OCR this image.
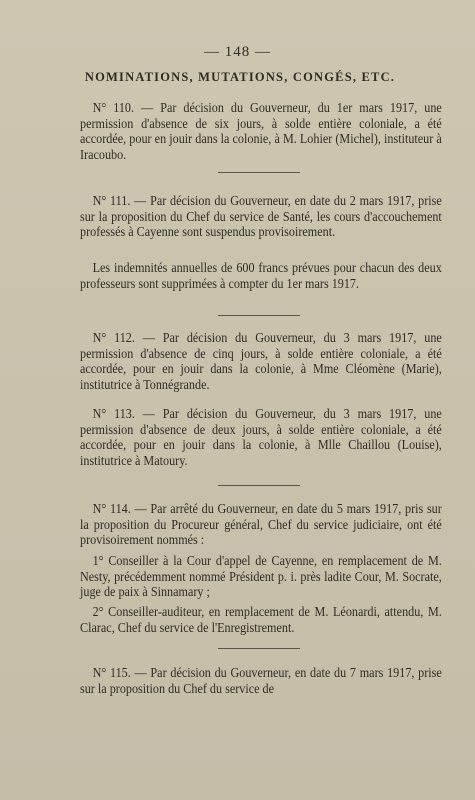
— 148 —
NOMINATIONS, MUTATIONS, CONGÉS, ETC.
N° 110. — Par décision du Gouverneur, du 1er mars 1917, une permission d'absence de six jours, à solde entière coloniale, a été accordée, pour en jouir dans la colonie, à M. Lohier (Michel), instituteur à Iracoubo.
N° 111. — Par décision du Gouverneur, en date du 2 mars 1917, prise sur la proposition du Chef du service de Santé, les cours d'accouchement professés à Cayenne sont suspendus provisoirement.
Les indemnités annuelles de 600 francs prévues pour chacun des deux professeurs sont supprimées à compter du 1er mars 1917.
N° 112. — Par décision du Gouverneur, du 3 mars 1917, une permission d'absence de cinq jours, à solde entière coloniale, a été accordée, pour en jouir dans la colonie, à Mme Cléomène (Marie), institutrice à Tonnégrande.
N° 113. — Par décision du Gouverneur, du 3 mars 1917, une permission d'absence de deux jours, à solde entière coloniale, a été accordée, pour en jouir dans la colonie, à Mlle Chaillou (Louise), institutrice à Matoury.
N° 114. — Par arrêté du Gouverneur, en date du 5 mars 1917, pris sur la proposition du Procureur général, Chef du service judiciaire, ont été provisoirement nommés :
1° Conseiller à la Cour d'appel de Cayenne, en remplacement de M. Nesty, précédemment nommé Président p. i. près ladite Cour, M. Socrate, juge de paix à Sinnamary ;
2° Conseiller-auditeur, en remplacement de M. Léonardi, attendu, M. Clarac, Chef du service de l'Enregistrement.
N° 115. — Par décision du Gouverneur, en date du 7 mars 1917, prise sur la proposition du Chef du service de
